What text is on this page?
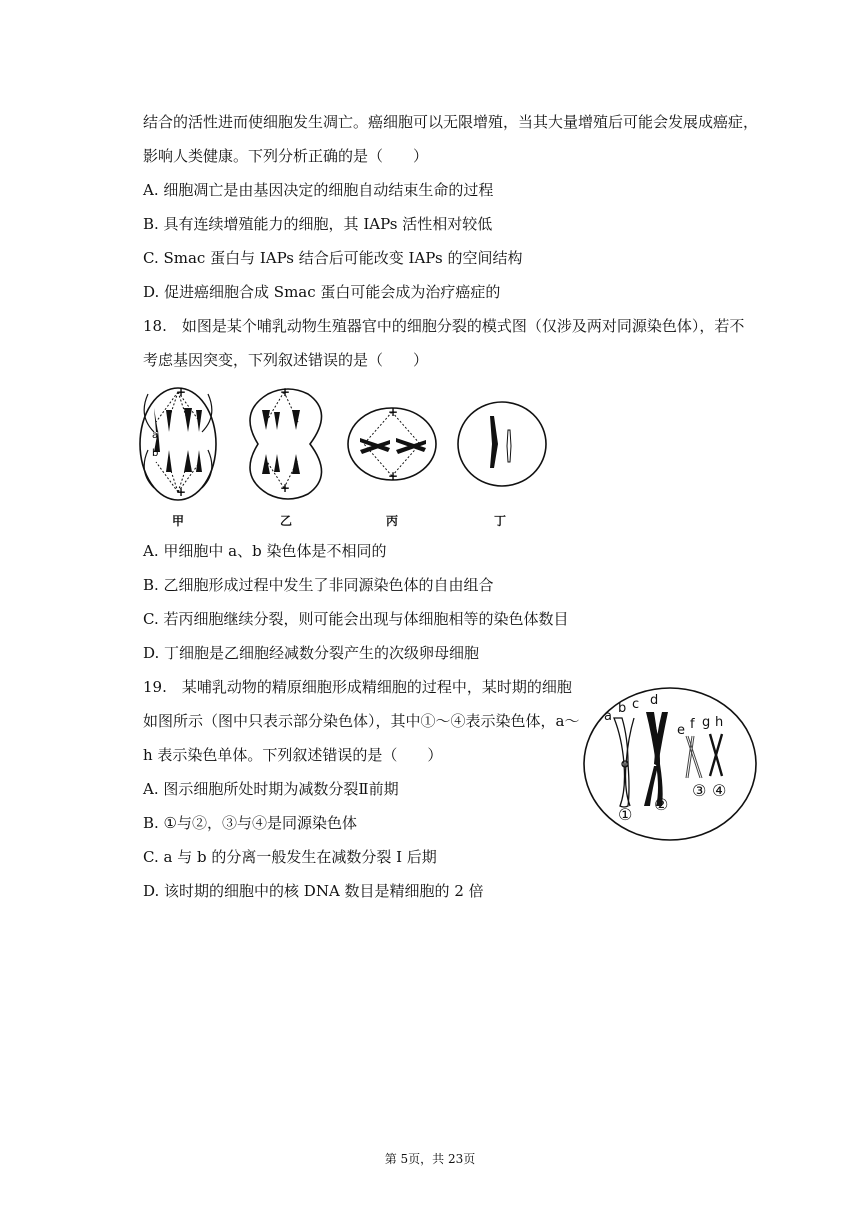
结合的活性进而使细胞发生凋亡。癌细胞可以无限增殖，当其大量增殖后可能会发展成癌症，
影响人类健康。下列分析正确的是（　　）
A. 细胞凋亡是由基因决定的细胞自动结束生命的过程
B. 具有连续增殖能力的细胞，其 IAPs 活性相对较低
C. Smac 蛋白与 IAPs 结合后可能改变 IAPs 的空间结构
D. 促进癌细胞合成 Smac 蛋白可能会成为治疗癌症的
18.　如图是某个哺乳动物生殖器官中的细胞分裂的模式图（仅涉及两对同源染色体），若不
考虑基因突变，下列叙述错误的是（　　）
+
+
a
b
+
+
+
+
甲	乙	丙	丁
A. 甲细胞中 a、b 染色体是不相同的
B. 乙细胞形成过程中发生了非同源染色体的自由组合
C. 若丙细胞继续分裂，则可能会出现与体细胞相等的染色体数目
D. 丁细胞是乙细胞经减数分裂产生的次级卵母细胞
19.　某哺乳动物的精原细胞形成精细胞的过程中，某时期的细胞
如图所示（图中只表示部分染色体），其中①～④表示染色体，a～
h 表示染色单体。下列叙述错误的是（　　）
A. 图示细胞所处时期为减数分裂Ⅱ前期
B. ①与②，③与④是同源染色体
C. a 与 b 的分离一般发生在减数分裂 I 后期
D. 该时期的细胞中的核 DNA 数目是精细胞的 2 倍
a
b c d
e f g h
①
②
③ ④
第 5页，共 23页
